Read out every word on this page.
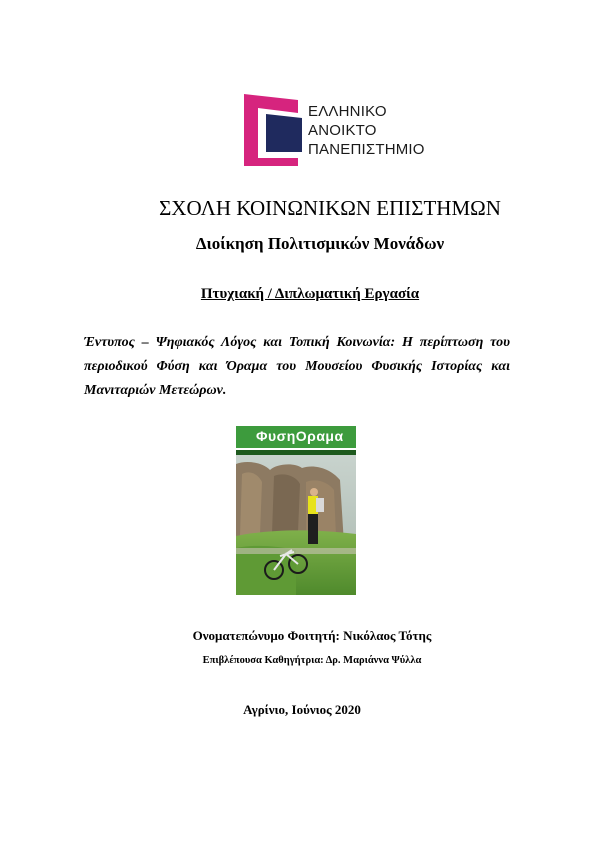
ΕΛΛΗΝΙΚΟ
ΑΝΟΙΚΤΟ
ΠΑΝΕΠΙΣΤΗΜΙΟ
ΣΧΟΛΗ ΚΟΙΝΩΝΙΚΩΝ ΕΠΙΣΤΗΜΩΝ
Διοίκηση Πολιτισμικών Μονάδων
Πτυχιακή / Διπλωματική Εργασία
Έντυπος – Ψηφιακός Λόγος και Τοπική Κοινωνία: Η περίπτωση του περιοδικού Φύση και Όραμα του Μουσείου Φυσικής Ιστορίας και Μανιταριών Μετεώρων.
ΦυσηΟραμα
Ονοματεπώνυμο Φοιτητή: Νικόλαος Τότης
Επιβλέπουσα Καθηγήτρια: Δρ. Μαριάννα Ψύλλα
Αγρίνιο, Ιούνιος 2020
